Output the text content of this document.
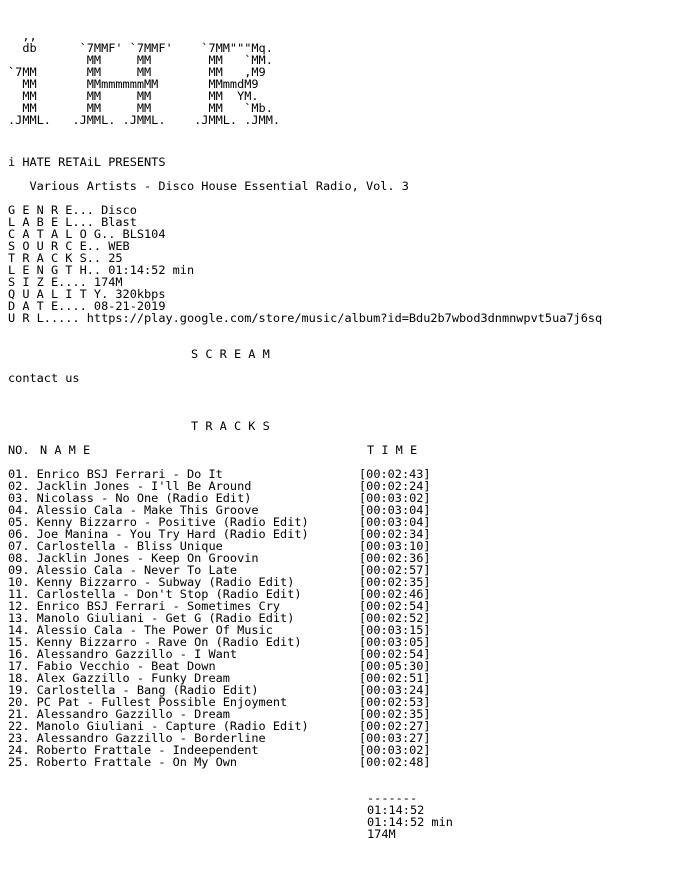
,,
db      `7MMF' `7MMF'    `7MM"""Mq.
MM     MM        MM   `MM.
`7MM       MM     MM        MM   ,M9
MM       MMmmmmmmMM       MMmmdM9
MM       MM     MM        MM  YM.
MM       MM     MM        MM   `Mb.
.JMML.   .JMML. .JMML.    .JMML. .JMM.
i HATE RETAiL PRESENTS
Various Artists - Disco House Essential Radio, Vol. 3
G E N R E... Disco
L A B E L... Blast
C A T A L O G.. BLS104
S O U R C E.. WEB
T R A C K S.. 25
L E N G T H.. 01:14:52 min
S I Z E.... 174M
Q U A L I T Y. 320kbps
D A T E.... 08-21-2019
U R L..... https://play.google.com/store/music/album?id=Bdu2b7wbod3dnmnwpvt5ua7j6sq
S C R E A M
contact us
T R A C K S
NO. N A M E	T I M E
01. Enrico BSJ Ferrari - Do It	[00:02:43]
02. Jacklin Jones - I'll Be Around	[00:02:24]
03. Nicolass - No One (Radio Edit)	[00:03:02]
04. Alessio Cala - Make This Groove	[00:03:04]
05. Kenny Bizzarro - Positive (Radio Edit)	[00:03:04]
06. Joe Manina - You Try Hard (Radio Edit)	[00:02:34]
07. Carlostella - Bliss Unique	[00:03:10]
08. Jacklin Jones - Keep On Groovin	[00:02:36]
09. Alessio Cala - Never To Late	[00:02:57]
10. Kenny Bizzarro - Subway (Radio Edit)	[00:02:35]
11. Carlostella - Don't Stop (Radio Edit)	[00:02:46]
12. Enrico BSJ Ferrari - Sometimes Cry	[00:02:54]
13. Manolo Giuliani - Get G (Radio Edit)	[00:02:52]
14. Alessio Cala - The Power Of Music	[00:03:15]
15. Kenny Bizzarro - Rave On (Radio Edit)	[00:03:05]
16. Alessandro Gazzillo - I Want	[00:02:54]
17. Fabio Vecchio - Beat Down	[00:05:30]
18. Alex Gazzillo - Funky Dream	[00:02:51]
19. Carlostella - Bang (Radio Edit)	[00:03:24]
20. PC Pat - Fullest Possible Enjoyment	[00:02:53]
21. Alessandro Gazzillo - Dream	[00:02:35]
22. Manolo Giuliani - Capture (Radio Edit)	[00:02:27]
23. Alessandro Gazzillo - Borderline	[00:03:27]
24. Roberto Frattale - Indeependent	[00:03:02]
25. Roberto Frattale - On My Own	[00:02:48]
-------
01:14:52
01:14:52 min
174M
